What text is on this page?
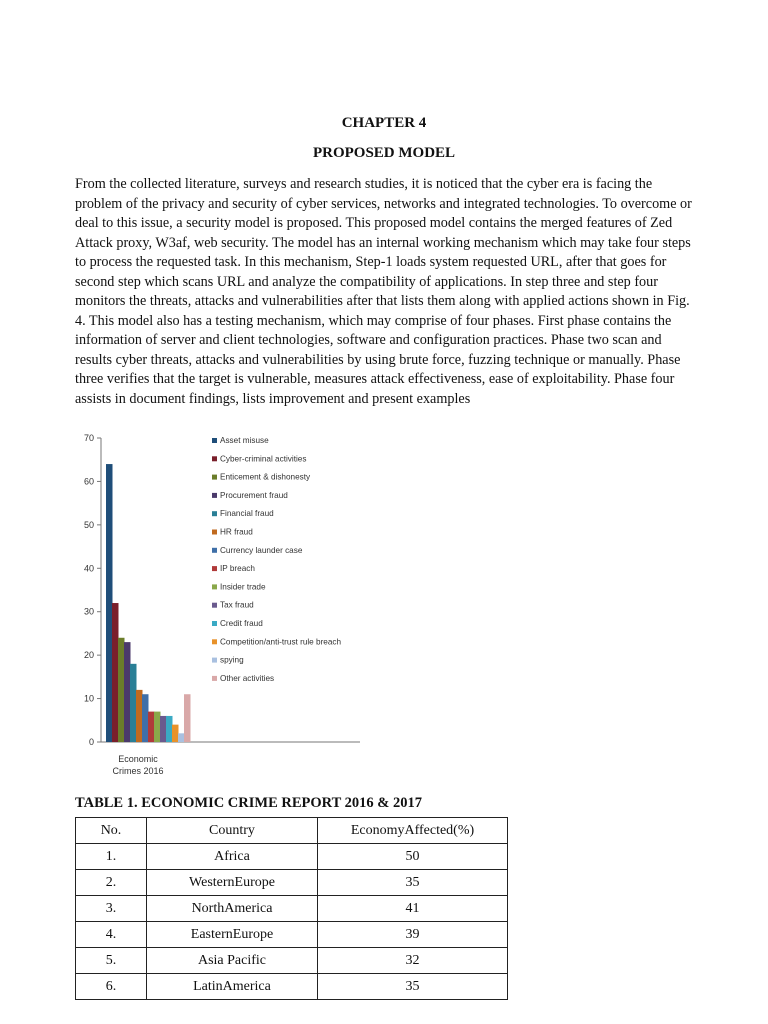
CHAPTER 4
PROPOSED MODEL

From the collected literature, surveys and research studies, it is noticed that the cyber era is facing the problem of the privacy and security of cyber services, networks and integrated technologies. To overcome or deal to this issue, a security model is proposed. This proposed model contains the merged features of Zed Attack proxy, W3af, web security. The model has an internal working mechanism which may take four steps to process the requested task. In this mechanism, Step-1 loads system requested URL, after that goes for second step which scans URL and analyze the compatibility of applications. In step three and step four monitors the threats, attacks and vulnerabilities after that lists them along with applied actions shown in Fig. 4. This model also has a testing mechanism, which may comprise of four phases. First phase contains the information of server and client technologies, software and configuration practices. Phase two scan and results cyber threats, attacks and vulnerabilities by using brute force, fuzzing technique or manually. Phase three verifies that the target is vulnerable, measures attack effectiveness, ease of exploitability. Phase four assists in document findings, lists improvement and present examples

0
10
20
30
40
50
60
70
Economic
Crimes 2016
Asset misuse
Cyber-criminal activities
Enticement & dishonesty
Procurement fraud
Financial fraud
HR fraud
Currency launder case
IP breach
Insider trade
Tax fraud
Credit fraud
Competition/anti-trust rule breach
spying
Other activities

TABLE 1. ECONOMIC CRIME REPORT 2016 & 2017

No.	Country	EconomyAffected(%)
1.	Africa	50
2.	WesternEurope	35
3.	NorthAmerica	41
4.	EasternEurope	39
5.	Asia Pacific	32
6.	LatinAmerica	35
